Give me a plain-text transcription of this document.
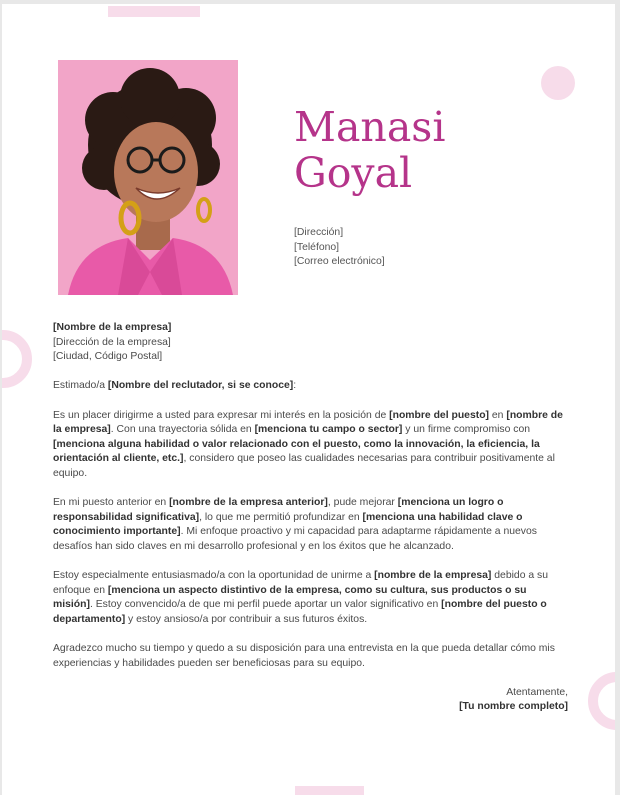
Manasi
Goyal
[Dirección]
[Teléfono]
[Correo electrónico]

[Nombre de la empresa]
[Dirección de la empresa]
[Ciudad, Código Postal]

Estimado/a [Nombre del reclutador, si se conoce]:

Es un placer dirigirme a usted para expresar mi interés en la posición de [nombre del puesto] en [nombre de la empresa]. Con una trayectoria sólida en [menciona tu campo o sector] y un firme compromiso con [menciona alguna habilidad o valor relacionado con el puesto, como la innovación, la eficiencia, la orientación al cliente, etc.], considero que poseo las cualidades necesarias para contribuir positivamente al equipo.

En mi puesto anterior en [nombre de la empresa anterior], pude mejorar [menciona un logro o responsabilidad significativa], lo que me permitió profundizar en [menciona una habilidad clave o conocimiento importante]. Mi enfoque proactivo y mi capacidad para adaptarme rápidamente a nuevos desafíos han sido claves en mi desarrollo profesional y en los éxitos que he alcanzado.

Estoy especialmente entusiasmado/a con la oportunidad de unirme a [nombre de la empresa] debido a su enfoque en [menciona un aspecto distintivo de la empresa, como su cultura, sus productos o su misión]. Estoy convencido/a de que mi perfil puede aportar un valor significativo en [nombre del puesto o departamento] y estoy ansioso/a por contribuir a sus futuros éxitos.

Agradezco mucho su tiempo y quedo a su disposición para una entrevista en la que pueda detallar cómo mis experiencias y habilidades pueden ser beneficiosas para su equipo.

Atentamente,
[Tu nombre completo]
